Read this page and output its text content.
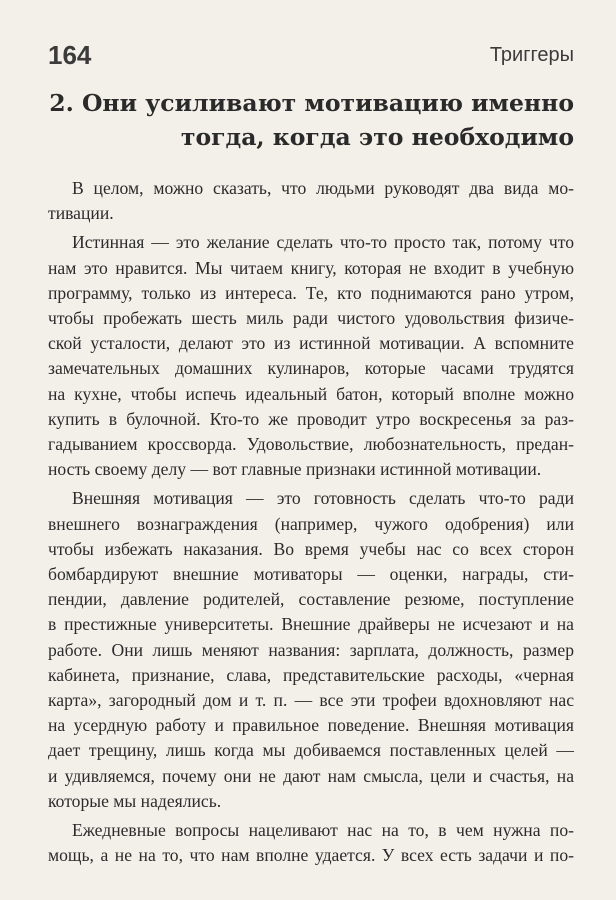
164	Триггеры
2. Они усиливают мотивацию именно
тогда, когда это необходимо

В целом, можно сказать, что людьми руководят два вида мо-
тивации.

Истинная — это желание сделать что-то просто так, потому что
нам это нравится. Мы читаем книгу, которая не входит в учебную
программу, только из интереса. Те, кто поднимаются рано утром,
чтобы пробежать шесть миль ради чистого удовольствия физиче-
ской усталости, делают это из истинной мотивации. А вспомните
замечательных домашних кулинаров, которые часами трудятся
на кухне, чтобы испечь идеальный батон, который вполне можно
купить в булочной. Кто-то же проводит утро воскресенья за раз-
гадыванием кроссворда. Удовольствие, любознательность, предан-
ность своему делу — вот главные признаки истинной мотивации.

Внешняя мотивация — это готовность сделать что-то ради
внешнего вознаграждения (например, чужого одобрения) или
чтобы избежать наказания. Во время учебы нас со всех сторон
бомбардируют внешние мотиваторы — оценки, награды, сти-
пендии, давление родителей, составление резюме, поступление
в престижные университеты. Внешние драйверы не исчезают и на
работе. Они лишь меняют названия: зарплата, должность, размер
кабинета, признание, слава, представительские расходы, «черная
карта», загородный дом и т. п. — все эти трофеи вдохновляют нас
на усердную работу и правильное поведение. Внешняя мотивация
дает трещину, лишь когда мы добиваемся поставленных целей —
и удивляемся, почему они не дают нам смысла, цели и счастья, на
которые мы надеялись.

Ежедневные вопросы нацеливают нас на то, в чем нужна по-
мощь, а не на то, что нам вполне удается. У всех есть задачи и по-
